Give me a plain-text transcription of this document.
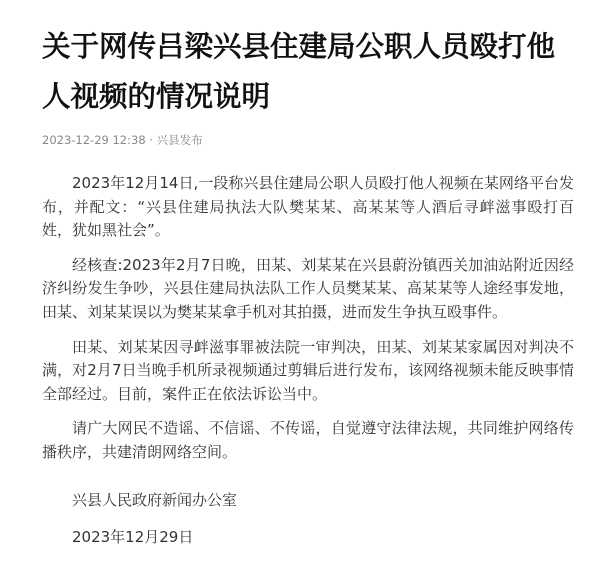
关于网传吕梁兴县住建局公职人员殴打他人视频的情况说明
2023-12-29 12:38 · 兴县发布

2023年12月14日,一段称兴县住建局公职人员殴打他人视频在某网络平台发布，并配文：“兴县住建局执法大队樊某某、高某某等人酒后寻衅滋事殴打百姓，犹如黑社会”。

经核查:2023年2月7日晚，田某、刘某某在兴县蔚汾镇西关加油站附近因经济纠纷发生争吵，兴县住建局执法队工作人员樊某某、高某某等人途经事发地，田某、刘某某误以为樊某某拿手机对其拍摄，进而发生争执互殴事件。

田某、刘某某因寻衅滋事罪被法院一审判决，田某、刘某某家属因对判决不满，对2月7日当晚手机所录视频通过剪辑后进行发布，该网络视频未能反映事情全部经过。目前，案件正在依法诉讼当中。

请广大网民不造谣、不信谣、不传谣，自觉遵守法律法规，共同维护网络传播秩序，共建清朗网络空间。

兴县人民政府新闻办公室

2023年12月29日
